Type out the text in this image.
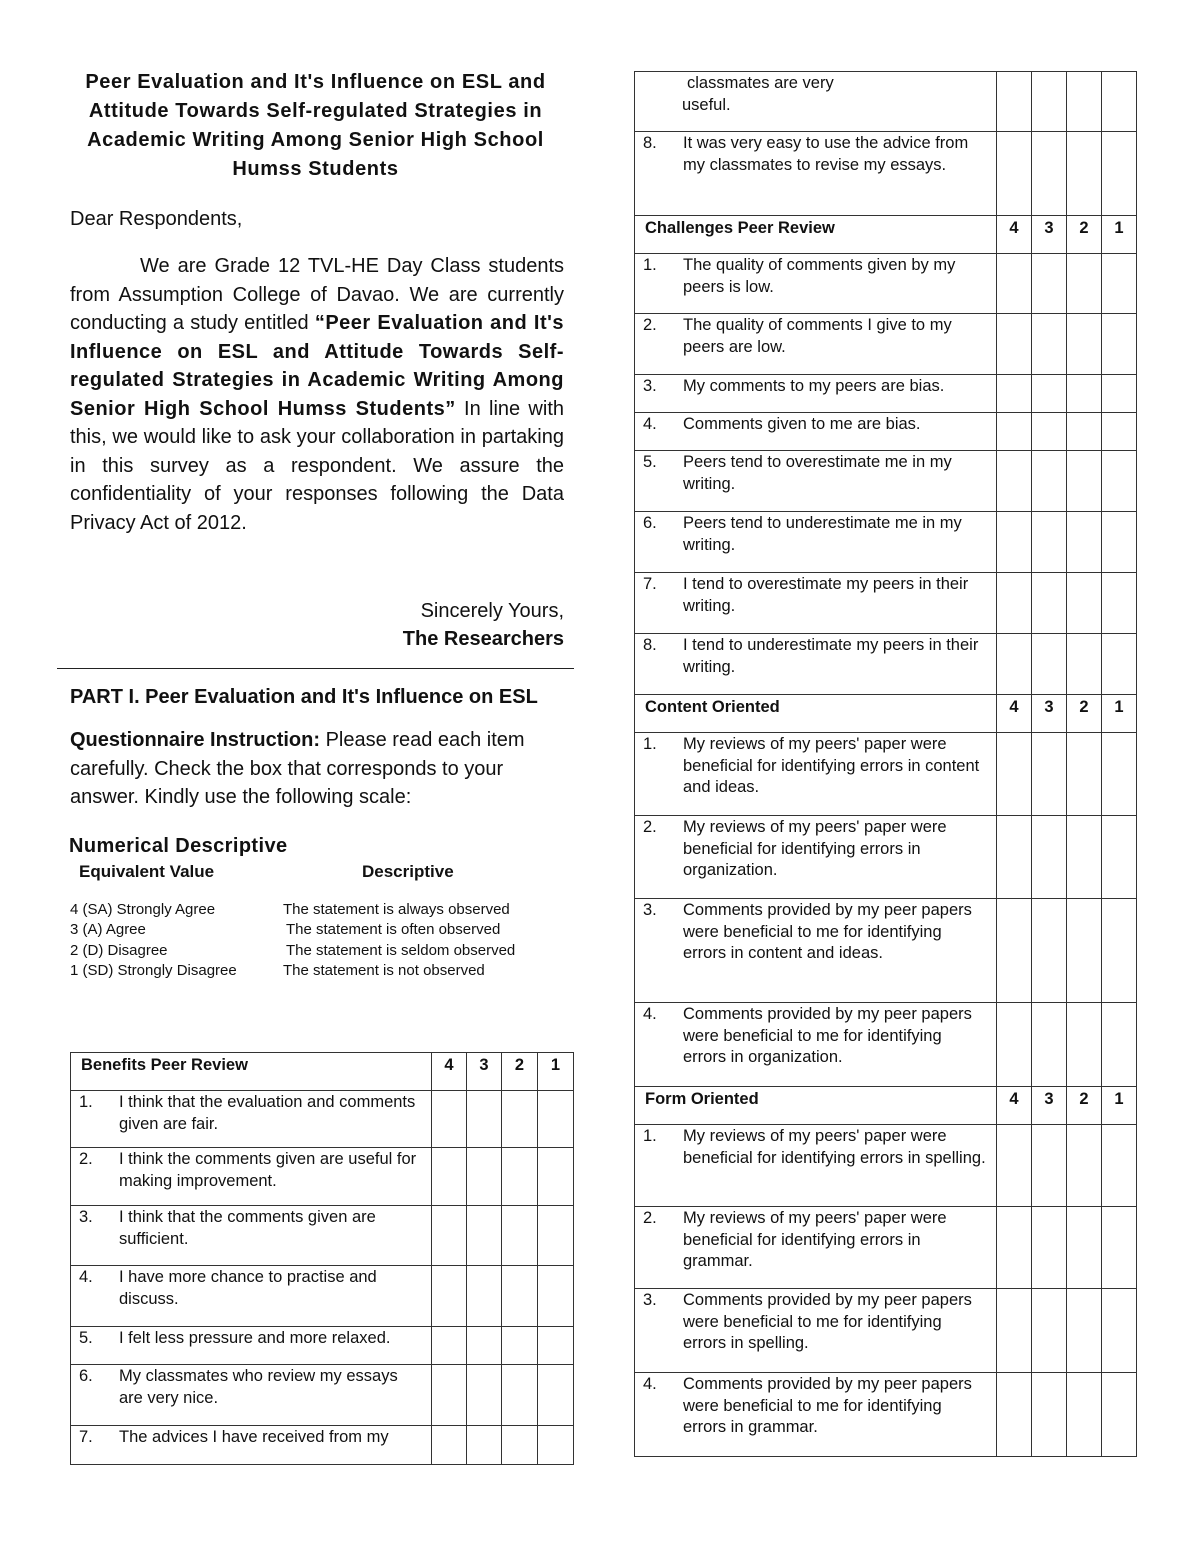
Peer Evaluation and It's Influence on ESL and Attitude Towards Self-regulated Strategies in Academic Writing Among Senior High School Humss Students
Dear Respondents,
We are Grade 12 TVL-HE Day Class students from Assumption College of Davao. We are currently conducting a study entitled “Peer Evaluation and It's Influence on ESL and Attitude Towards Self-regulated Strategies in Academic Writing Among Senior High School Humss Students” In line with this, we would like to ask your collaboration in partaking in this survey as a respondent. We assure the confidentiality of your responses following the Data Privacy Act of 2012.
Sincerely Yours,
The Researchers
PART I. Peer Evaluation and It's Influence on ESL
Questionnaire Instruction: Please read each item carefully. Check the box that corresponds to your answer. Kindly use the following scale:
Numerical Descriptive
Equivalent Value	Descriptive
4 (SA) Strongly Agree	The statement is always observed
3 (A) Agree	The statement is often observed
2 (D) Disagree	The statement is seldom observed
1 (SD) Strongly Disagree	The statement is not observed
Benefits Peer Review	4	3	2	1

1. I think that the evaluation and comments given are fair.				

2. I think the comments given are useful for making improvement.				

3. I think that the comments given are sufficient.				

4. I have more chance to practise and discuss.				

5. I felt less pressure and more relaxed.				

6. My classmates who review my essays are very nice.				

7. The advices I have received from my				

classmates are very
useful.				

8. It was very easy to use the advice from my classmates to revise my essays.				

Challenges Peer Review	4	3	2	1

1. The quality of comments given by my peers is low.				

2. The quality of comments I give to my peers are low.				

3. My comments to my peers are bias.				

4. Comments given to me are bias.				

5. Peers tend to overestimate me in my writing.				

6. Peers tend to underestimate me in my writing.				

7. I tend to overestimate my peers in their writing.				

8. I tend to underestimate my peers in their writing.				

Content Oriented	4	3	2	1

1. My reviews of my peers' paper were beneficial for identifying errors in content and ideas.				

2. My reviews of my peers' paper were beneficial for identifying errors in organization.				

3. Comments provided by my peer papers were beneficial to me for identifying errors in content and ideas.				

4. Comments provided by my peer papers were beneficial to me for identifying errors in organization.				

Form Oriented	4	3	2	1

1. My reviews of my peers' paper were beneficial for identifying errors in spelling.				

2. My reviews of my peers' paper were beneficial for identifying errors in grammar.				

3. Comments provided by my peer papers were beneficial to me for identifying errors in spelling.				

4. Comments provided by my peer papers were beneficial to me for identifying errors in grammar.				
